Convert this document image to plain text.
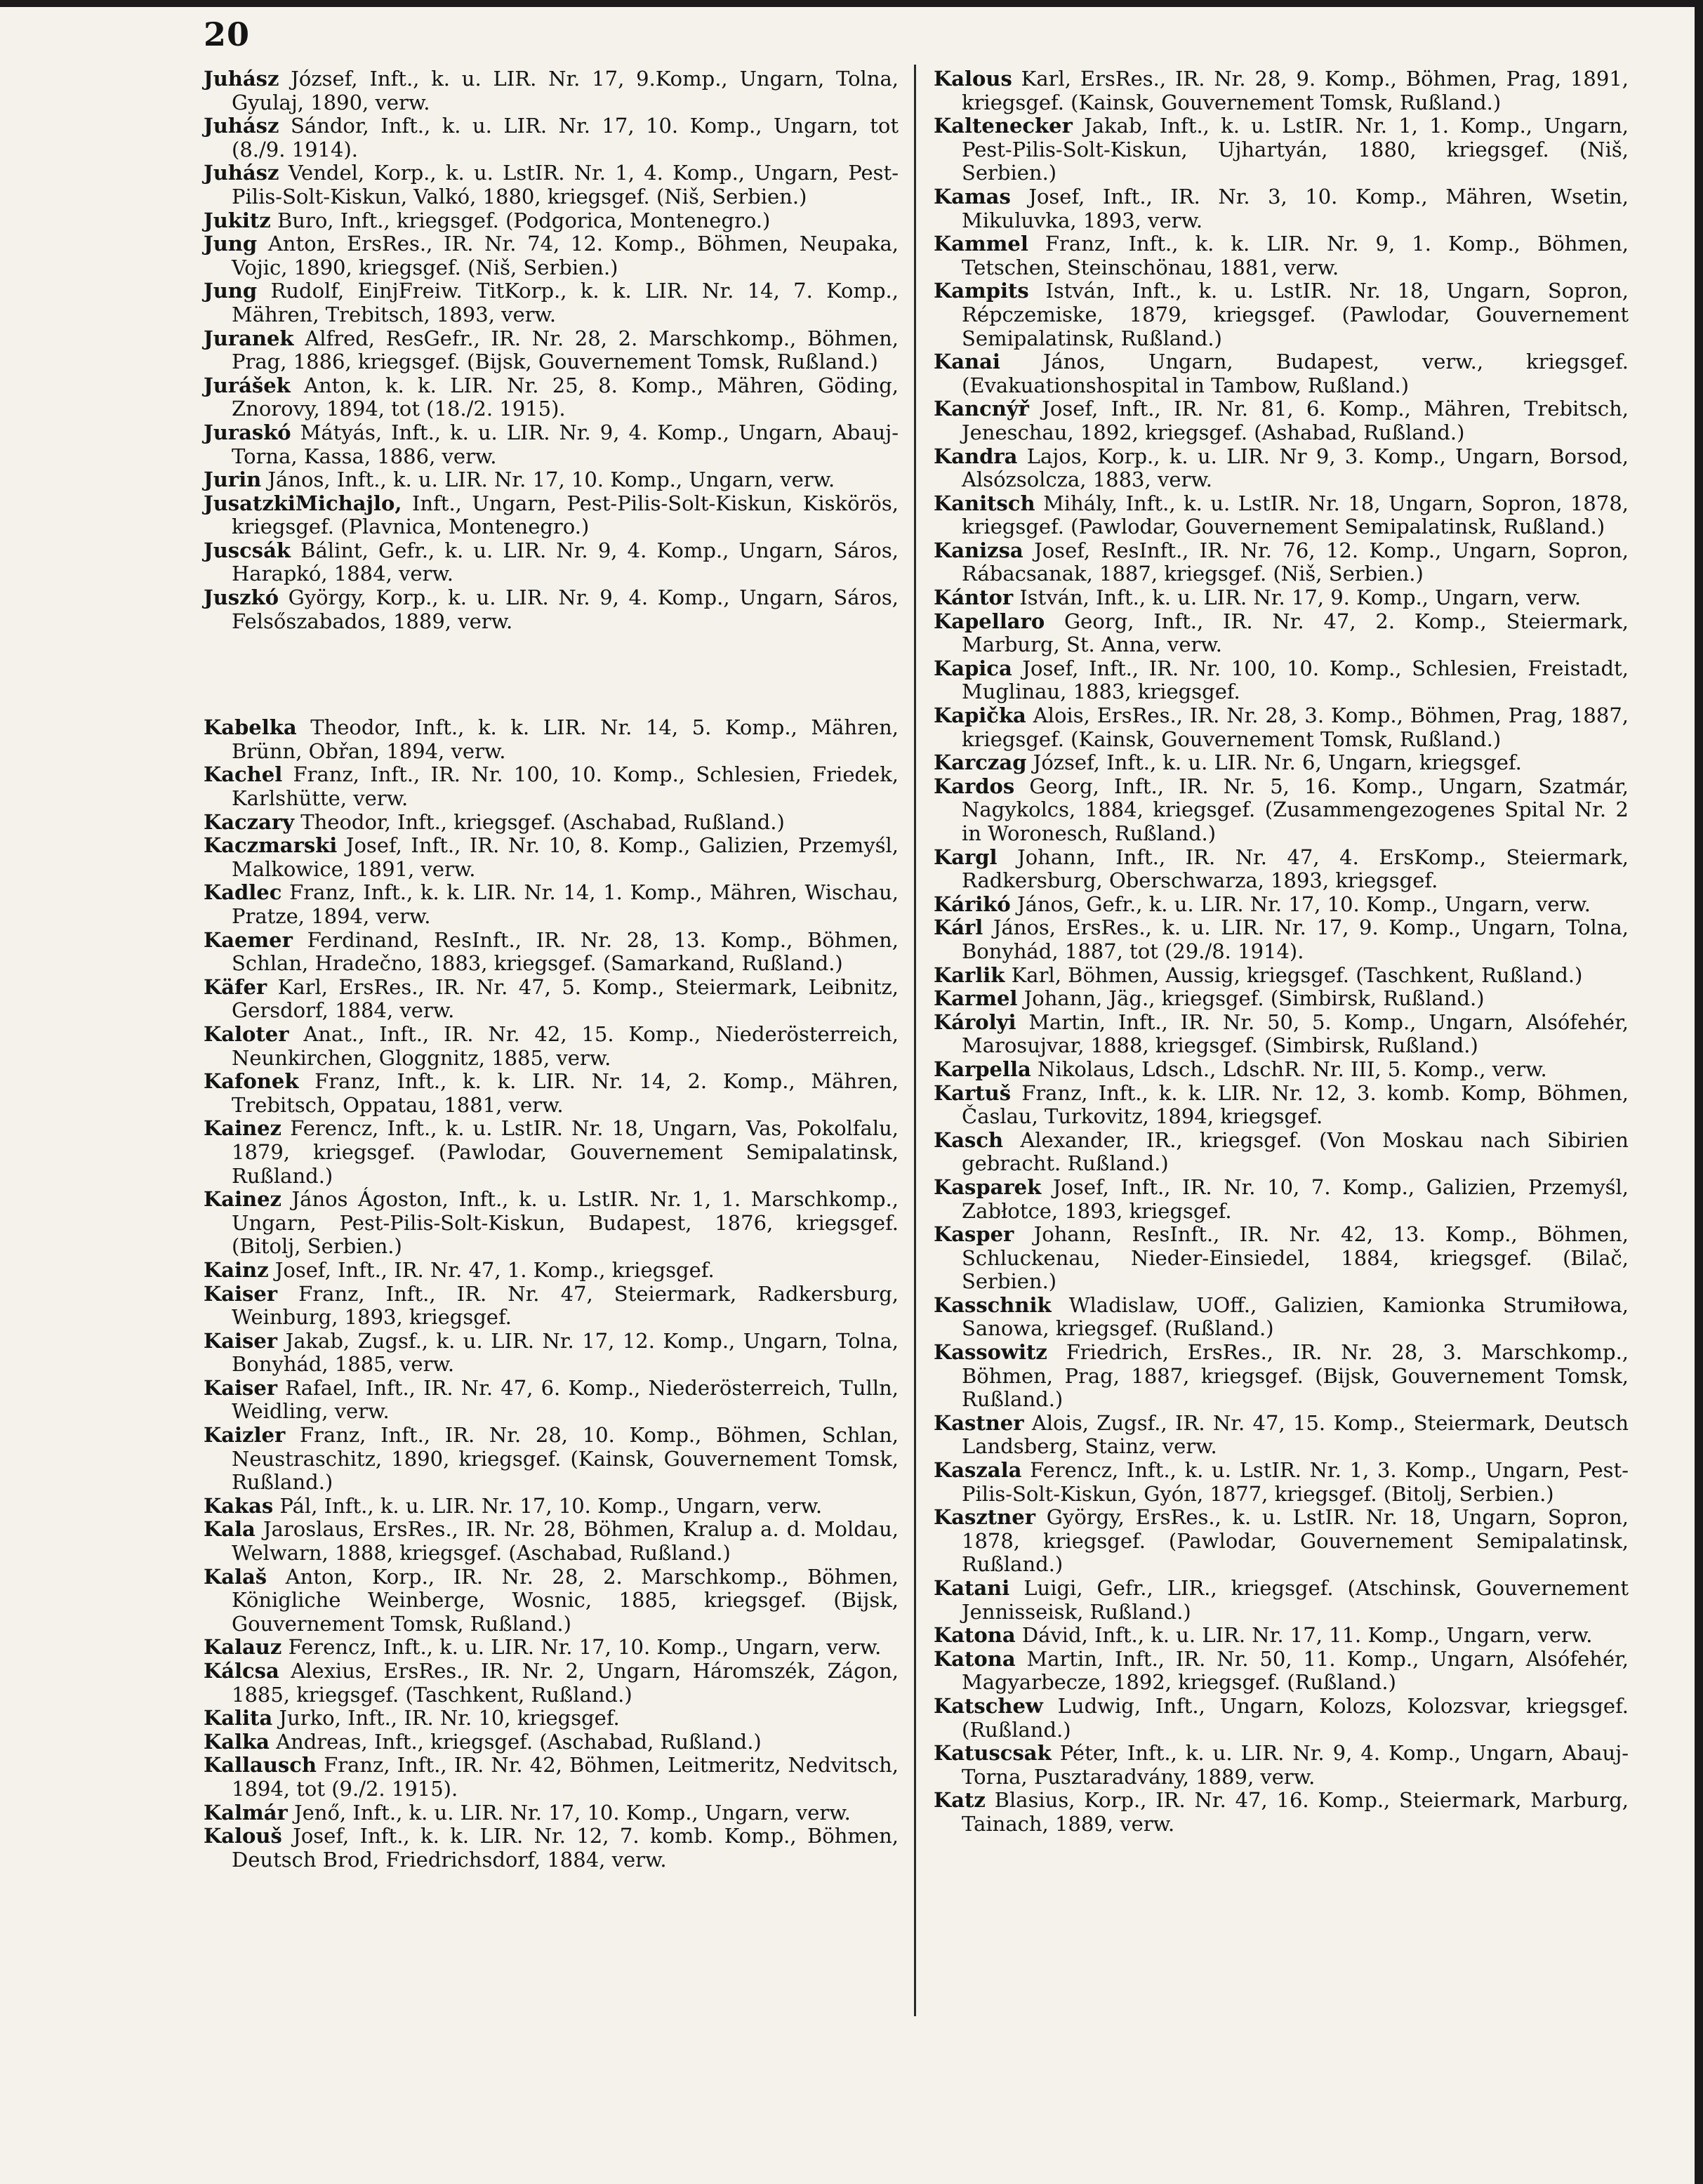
20

Juhász József, Inft., k. u. LIR. Nr. 17, 9.Komp., Ungarn, Tolna, Gyulaj, 1890, verw.

Juhász Sándor, Inft., k. u. LIR. Nr. 17, 10. Komp., Ungarn, tot (8./9. 1914).

Juhász Vendel, Korp., k. u. LstIR. Nr. 1, 4. Komp., Ungarn, Pest-Pilis-Solt-Kiskun, Valkó, 1880, kriegsgef. (Niš, Serbien.)

Jukitz Buro, Inft., kriegsgef. (Podgorica, Montenegro.)

Jung Anton, ErsRes., IR. Nr. 74, 12. Komp., Böhmen, Neupaka, Vojic, 1890, kriegsgef. (Niš, Serbien.)

Jung Rudolf, EinjFreiw. TitKorp., k. k. LIR. Nr. 14, 7. Komp., Mähren, Trebitsch, 1893, verw.

Juranek Alfred, ResGefr., IR. Nr. 28, 2. Marschkomp., Böhmen, Prag, 1886, kriegsgef. (Bijsk, Gouvernement Tomsk, Rußland.)

Jurášek Anton, k. k. LIR. Nr. 25, 8. Komp., Mähren, Göding, Znorovy, 1894, tot (18./2. 1915).

Juraskó Mátyás, Inft., k. u. LIR. Nr. 9, 4. Komp., Ungarn, Abauj-Torna, Kassa, 1886, verw.

Jurin János, Inft., k. u. LIR. Nr. 17, 10. Komp., Ungarn, verw.

JusatzkiMichajlo, Inft., Ungarn, Pest-Pilis-Solt-Kiskun, Kiskörös, kriegsgef. (Plavnica, Montenegro.)

Juscsák Bálint, Gefr., k. u. LIR. Nr. 9, 4. Komp., Ungarn, Sáros, Harapkó, 1884, verw.

Juszkó György, Korp., k. u. LIR. Nr. 9, 4. Komp., Ungarn, Sáros, Felsőszabados, 1889, verw.

Kabelka Theodor, Inft., k. k. LIR. Nr. 14, 5. Komp., Mähren, Brünn, Obřan, 1894, verw.

Kachel Franz, Inft., IR. Nr. 100, 10. Komp., Schlesien, Friedek, Karlshütte, verw.

Kaczary Theodor, Inft., kriegsgef. (Aschabad, Rußland.)

Kaczmarski Josef, Inft., IR. Nr. 10, 8. Komp., Galizien, Przemyśl, Malkowice, 1891, verw.

Kadlec Franz, Inft., k. k. LIR. Nr. 14, 1. Komp., Mähren, Wischau, Pratze, 1894, verw.

Kaemer Ferdinand, ResInft., IR. Nr. 28, 13. Komp., Böhmen, Schlan, Hradečno, 1883, kriegsgef. (Samarkand, Rußland.)

Käfer Karl, ErsRes., IR. Nr. 47, 5. Komp., Steiermark, Leibnitz, Gersdorf, 1884, verw.

Kaloter Anat., Inft., IR. Nr. 42, 15. Komp., Niederösterreich, Neunkirchen, Gloggnitz, 1885, verw.

Kafonek Franz, Inft., k. k. LIR. Nr. 14, 2. Komp., Mähren, Trebitsch, Oppatau, 1881, verw.

Kainez Ferencz, Inft., k. u. LstIR. Nr. 18, Ungarn, Vas, Pokolfalu, 1879, kriegsgef. (Pawlodar, Gouvernement Semipalatinsk, Rußland.)

Kainez János Ágoston, Inft., k. u. LstIR. Nr. 1, 1. Marschkomp., Ungarn, Pest-Pilis-Solt-Kiskun, Budapest, 1876, kriegsgef. (Bitolj, Serbien.)

Kainz Josef, Inft., IR. Nr. 47, 1. Komp., kriegsgef.

Kaiser Franz, Inft., IR. Nr. 47, Steiermark, Radkersburg, Weinburg, 1893, kriegsgef.

Kaiser Jakab, Zugsf., k. u. LIR. Nr. 17, 12. Komp., Ungarn, Tolna, Bonyhád, 1885, verw.

Kaiser Rafael, Inft., IR. Nr. 47, 6. Komp., Niederösterreich, Tulln, Weidling, verw.

Kaizler Franz, Inft., IR. Nr. 28, 10. Komp., Böhmen, Schlan, Neustraschitz, 1890, kriegsgef. (Kainsk, Gouvernement Tomsk, Rußland.)

Kakas Pál, Inft., k. u. LIR. Nr. 17, 10. Komp., Ungarn, verw.

Kala Jaroslaus, ErsRes., IR. Nr. 28, Böhmen, Kralup a. d. Moldau, Welwarn, 1888, kriegsgef. (Aschabad, Rußland.)

Kalaš Anton, Korp., IR. Nr. 28, 2. Marschkomp., Böhmen, Königliche Weinberge, Wosnic, 1885, kriegsgef. (Bijsk, Gouvernement Tomsk, Rußland.)

Kalauz Ferencz, Inft., k. u. LIR. Nr. 17, 10. Komp., Ungarn, verw.

Kálcsa Alexius, ErsRes., IR. Nr. 2, Ungarn, Háromszék, Zágon, 1885, kriegsgef. (Taschkent, Rußland.)

Kalita Jurko, Inft., IR. Nr. 10, kriegsgef.

Kalka Andreas, Inft., kriegsgef. (Aschabad, Rußland.)

Kallausch Franz, Inft., IR. Nr. 42, Böhmen, Leitmeritz, Nedvitsch, 1894, tot (9./2. 1915).

Kalmár Jenő, Inft., k. u. LIR. Nr. 17, 10. Komp., Ungarn, verw.

Kalouš Josef, Inft., k. k. LIR. Nr. 12, 7. komb. Komp., Böhmen, Deutsch Brod, Friedrichsdorf, 1884, verw.

Kalous Karl, ErsRes., IR. Nr. 28, 9. Komp., Böhmen, Prag, 1891, kriegsgef. (Kainsk, Gouvernement Tomsk, Rußland.)

Kaltenecker Jakab, Inft., k. u. LstIR. Nr. 1, 1. Komp., Ungarn, Pest-Pilis-Solt-Kiskun, Ujhartyán, 1880, kriegsgef. (Niš, Serbien.)

Kamas Josef, Inft., IR. Nr. 3, 10. Komp., Mähren, Wsetin, Mikuluvka, 1893, verw.

Kammel Franz, Inft., k. k. LIR. Nr. 9, 1. Komp., Böhmen, Tetschen, Steinschönau, 1881, verw.

Kampits István, Inft., k. u. LstIR. Nr. 18, Ungarn, Sopron, Répczemiske, 1879, kriegsgef. (Pawlodar, Gouvernement Semipalatinsk, Rußland.)

Kanai János, Ungarn, Budapest, verw., kriegsgef. (Evakuationshospital in Tambow, Rußland.)

Kancnýř Josef, Inft., IR. Nr. 81, 6. Komp., Mähren, Trebitsch, Jeneschau, 1892, kriegsgef. (Ashabad, Rußland.)

Kandra Lajos, Korp., k. u. LIR. Nr 9, 3. Komp., Ungarn, Borsod, Alsózsolcza, 1883, verw.

Kanitsch Mihály, Inft., k. u. LstIR. Nr. 18, Ungarn, Sopron, 1878, kriegsgef. (Pawlodar, Gouvernement Semipalatinsk, Rußland.)

Kanizsa Josef, ResInft., IR. Nr. 76, 12. Komp., Ungarn, Sopron, Rábacsanak, 1887, kriegsgef. (Niš, Serbien.)

Kántor István, Inft., k. u. LIR. Nr. 17, 9. Komp., Ungarn, verw.

Kapellaro Georg, Inft., IR. Nr. 47, 2. Komp., Steiermark, Marburg, St. Anna, verw.

Kapica Josef, Inft., IR. Nr. 100, 10. Komp., Schlesien, Freistadt, Muglinau, 1883, kriegsgef.

Kapička Alois, ErsRes., IR. Nr. 28, 3. Komp., Böhmen, Prag, 1887, kriegsgef. (Kainsk, Gouvernement Tomsk, Rußland.)

Karczag József, Inft., k. u. LIR. Nr. 6, Ungarn, kriegsgef.

Kardos Georg, Inft., IR. Nr. 5, 16. Komp., Ungarn, Szatmár, Nagykolcs, 1884, kriegsgef. (Zusammengezogenes Spital Nr. 2 in Woronesch, Rußland.)

Kargl Johann, Inft., IR. Nr. 47, 4. ErsKomp., Steiermark, Radkersburg, Oberschwarza, 1893, kriegsgef.

Kárikó János, Gefr., k. u. LIR. Nr. 17, 10. Komp., Ungarn, verw.

Kárl János, ErsRes., k. u. LIR. Nr. 17, 9. Komp., Ungarn, Tolna, Bonyhád, 1887, tot (29./8. 1914).

Karlik Karl, Böhmen, Aussig, kriegsgef. (Taschkent, Rußland.)

Karmel Johann, Jäg., kriegsgef. (Simbirsk, Rußland.)

Károlyi Martin, Inft., IR. Nr. 50, 5. Komp., Ungarn, Alsófehér, Marosujvar, 1888, kriegsgef. (Simbirsk, Rußland.)

Karpella Nikolaus, Ldsch., LdschR. Nr. III, 5. Komp., verw.

Kartuš Franz, Inft., k. k. LIR. Nr. 12, 3. komb. Komp, Böhmen, Časlau, Turkovitz, 1894, kriegsgef.

Kasch Alexander, IR., kriegsgef. (Von Moskau nach Sibirien gebracht. Rußland.)

Kasparek Josef, Inft., IR. Nr. 10, 7. Komp., Galizien, Przemyśl, Zabłotce, 1893, kriegsgef.

Kasper Johann, ResInft., IR. Nr. 42, 13. Komp., Böhmen, Schluckenau, Nieder-Einsiedel, 1884, kriegsgef. (Bilač, Serbien.)

Kasschnik Wladislaw, UOff., Galizien, Kamionka Strumiłowa, Sanowa, kriegsgef. (Rußland.)

Kassowitz Friedrich, ErsRes., IR. Nr. 28, 3. Marschkomp., Böhmen, Prag, 1887, kriegsgef. (Bijsk, Gouvernement Tomsk, Rußland.)

Kastner Alois, Zugsf., IR. Nr. 47, 15. Komp., Steiermark, Deutsch Landsberg, Stainz, verw.

Kaszala Ferencz, Inft., k. u. LstIR. Nr. 1, 3. Komp., Ungarn, Pest-Pilis-Solt-Kiskun, Gyón, 1877, kriegsgef. (Bitolj, Serbien.)

Kasztner György, ErsRes., k. u. LstIR. Nr. 18, Ungarn, Sopron, 1878, kriegsgef. (Pawlodar, Gouvernement Semipalatinsk, Rußland.)

Katani Luigi, Gefr., LIR., kriegsgef. (Atschinsk, Gouvernement Jennisseisk, Rußland.)

Katona Dávid, Inft., k. u. LIR. Nr. 17, 11. Komp., Ungarn, verw.

Katona Martin, Inft., IR. Nr. 50, 11. Komp., Ungarn, Alsófehér, Magyarbecze, 1892, kriegsgef. (Rußland.)

Katschew Ludwig, Inft., Ungarn, Kolozs, Kolozsvar, kriegsgef. (Rußland.)

Katuscsak Péter, Inft., k. u. LIR. Nr. 9, 4. Komp., Ungarn, Abauj-Torna, Pusztaradvány, 1889, verw.

Katz Blasius, Korp., IR. Nr. 47, 16. Komp., Steiermark, Marburg, Tainach, 1889, verw.
